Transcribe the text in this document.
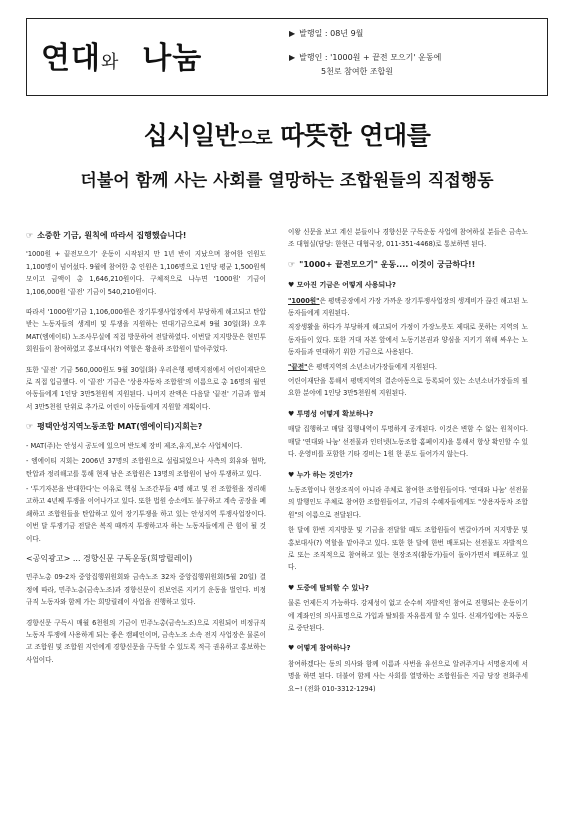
연대와 나눔
▶ 발행일 : 08년 9월
▶ 발행인 : '1000원 + 끝전 모으기' 운동에
5천로 참여한 조합원
십시일반으로 따뜻한 연대를
더불어 함께 사는 사회를 열망하는 조합원들의 직접행동
☞ 소중한 기금, 원칙에 따라서 집행했습니다!

'1000원 + 끝전모으기' 운동이 시작된지 만 1년 반이 지났으며 참여한 인원도 1,100명이 넘어섰다. 9월에 참여한 총 인원은 1,106명으로 1인당 평균 1,500원씩 모이고 금액이 총 1,646,210원이다. 구체적으로 나누면 '1000원' 기금이 1,106,000원 '끝전' 기금이 540,210원이다.

따라서 '1000원'기금 1,106,000원은 장기투쟁사업장에서 부당하게 해고되고 탄압받는 노동자들의 생계비 및 투쟁을 지원하는 연대기금으로써 9월 30일(화) 오후 MAT(엠에이티) 노조사무실에 직접 방문하여 전달하였다. 이번달 지지방문은 현민투 회원들이 참여하였고 홍보대사(?) 역할은 황윤하 조합원이 맡아주었다.

또한 '끝전' 기금 560,000원도 9월 30일(화) 우리은행 평택지점에서 어린이재단으로 직접 입금했다. 이 '끝전' 기금은 '상용자동차 조합원'의 이름으로 총 16명의 월연아동들에게 1인당 3만5천원씩 지원된다. 나머지 잔액은 다음달 '끝전' 기금과 합쳐서 3만5천원 단위로 추가로 어린이 아동들에게 지원할 계획이다.

☞ 평택안성지역노동조합 MAT(엠에이티)지회는?

- MAT(주)는 안성시 공도에 있으며 반도체 장비 제조,유지,보수 사업체이다.

- 엠에이티 지회는 2006년 37명의 조합원으로 설립되었으나 사측의 회유와 협박, 탄압과 정리해고를 통해 현재 남은 조합원은 13명의 조합원이 남아 투쟁하고 있다.

- '투기자본을 반대한다'는 이유로 핵심 노조간부들 4명 해고 및 전 조합원을 정리해고하고 4년째 투쟁을 이어나가고 있다. 또한 법원 승소에도 불구하고 계속 공장을 폐쇄하고 조합원들을 탄압하고 있어 장기투쟁을 하고 있는 안성지역 투쟁사업장이다. 이번 달 투쟁기금 전달은 복직 때까지 투쟁하고자 하는 노동자들에게 큰 힘이 될 것이다.

<공익광고> ... 경향신문 구독운동(희망릴레이)

민주노총 09-2차 중앙집행위원회와 금속노조 32차 중앙집행위원회(5월 20일) 결정에 따라, 민주노총(금속노조)과 경향신문이 진보언론 지키기 운동을 벌인다. 비정규직 노동자와 함께 가는 희망릴레이 사업을 진행하고 있다.

경향신문 구독시 매월 6천원의 기금이 민주노총(금속노조)으로 지원되어 비정규직 노동자 투쟁에 사용하게 되는 좋은 캠페인이며, 금속노조 소속 전지 사업장은 물론이고 조합원 및 조합원 지인에게 경향신문을 구독할 수 있도록 적극 권유하고 홍보하는 사업이다.

이왕 신문을 보고 계신 분들이나 경향신문 구독운동 사업에 참여하실 분들은 금속노조 대협실(담당: 한현근 대협국장, 011-351-4468)로 통보하면 된다.

☞ "1000+ 끝전모으기" 운동.... 이것이 궁금하다!!
♥ 모아진 기금은 어떻게 사용되나?

"1000원"은 평택공장에서 가장 가까운 장기투쟁사업장의 생계비가 끊긴 해고된 노동자들에게 지원된다.

직장생활을 하다가 부당하게 해고되어 가정이 가장노릇도 제대로 못하는 지역의 노동자들이 있다. 또한 거대 자본 앞에서 노동기본권과 양심을 지키기 위해 싸우는 노동자들과 연대하기 위한 기금으로 사용된다.

"끝전"은 평택지역의 소년소녀가장들에게 지원된다.

어린이재단을 통해서 평택지역의 결손아동으로 등록되어 있는 소년소녀가장들의 필요한 분야에 1인당 3만5천원씩 지원된다.

♥ 투명성 어떻게 확보하나?

매달 집행하고 매달 집행내역이 투명하게 공개된다. 이것은 변함 수 없는 원칙이다. 매달 '연대와 나눔' 선전물과 인터넷(노동조합 홈페이지)을 통해서 항상 확인할 수 있다. 운영비를 포함한 기타 경비는 1원 한 푼도 들어가지 않는다.

♥ 누가 하는 것인가?

노동조합이나 현장조직이 아니라 주체로 참여한 조합원들이다. '연대와 나눔' 선전물의 발행인도 주체로 참여한 조합원들이고, 기금의 수혜자들에게도 "상용자동차 조합원"의 이름으로 전달된다.

한 달에 한번 지지방문 및 기금을 전달할 때도 조합원들이 번갈아가며 지지방문 및 홍보대사(?) 역할을 맡아주고 있다. 또한 한 달에 한번 배포되는 선전물도 자발적으로 또는 조직적으로 참여하고 있는 현장조직(활동가)들이 돌아가면서 배포하고 있다.

♥ 도중에 탈퇴할 수 있나?

물론 언제든지 가능하다. 강제성이 없고 순수히 자발적인 참여로 진행되는 운동이기에 계좌인의 의사표명으로 가입과 탈퇴를 자유롭게 할 수 있다. 신재가입에는 자동으로 중단된다.

♥ 어떻게 참여하나?

참여하겠다는 동의 의사와 함께 이름과 사번을 유선으로 알려주거나 서명용지에 서명을 하면 된다. 더불어 함께 사는 사회를 열망하는 조합원들은 지금 당장 전화주세요~! (전화 010-3312-1294)
